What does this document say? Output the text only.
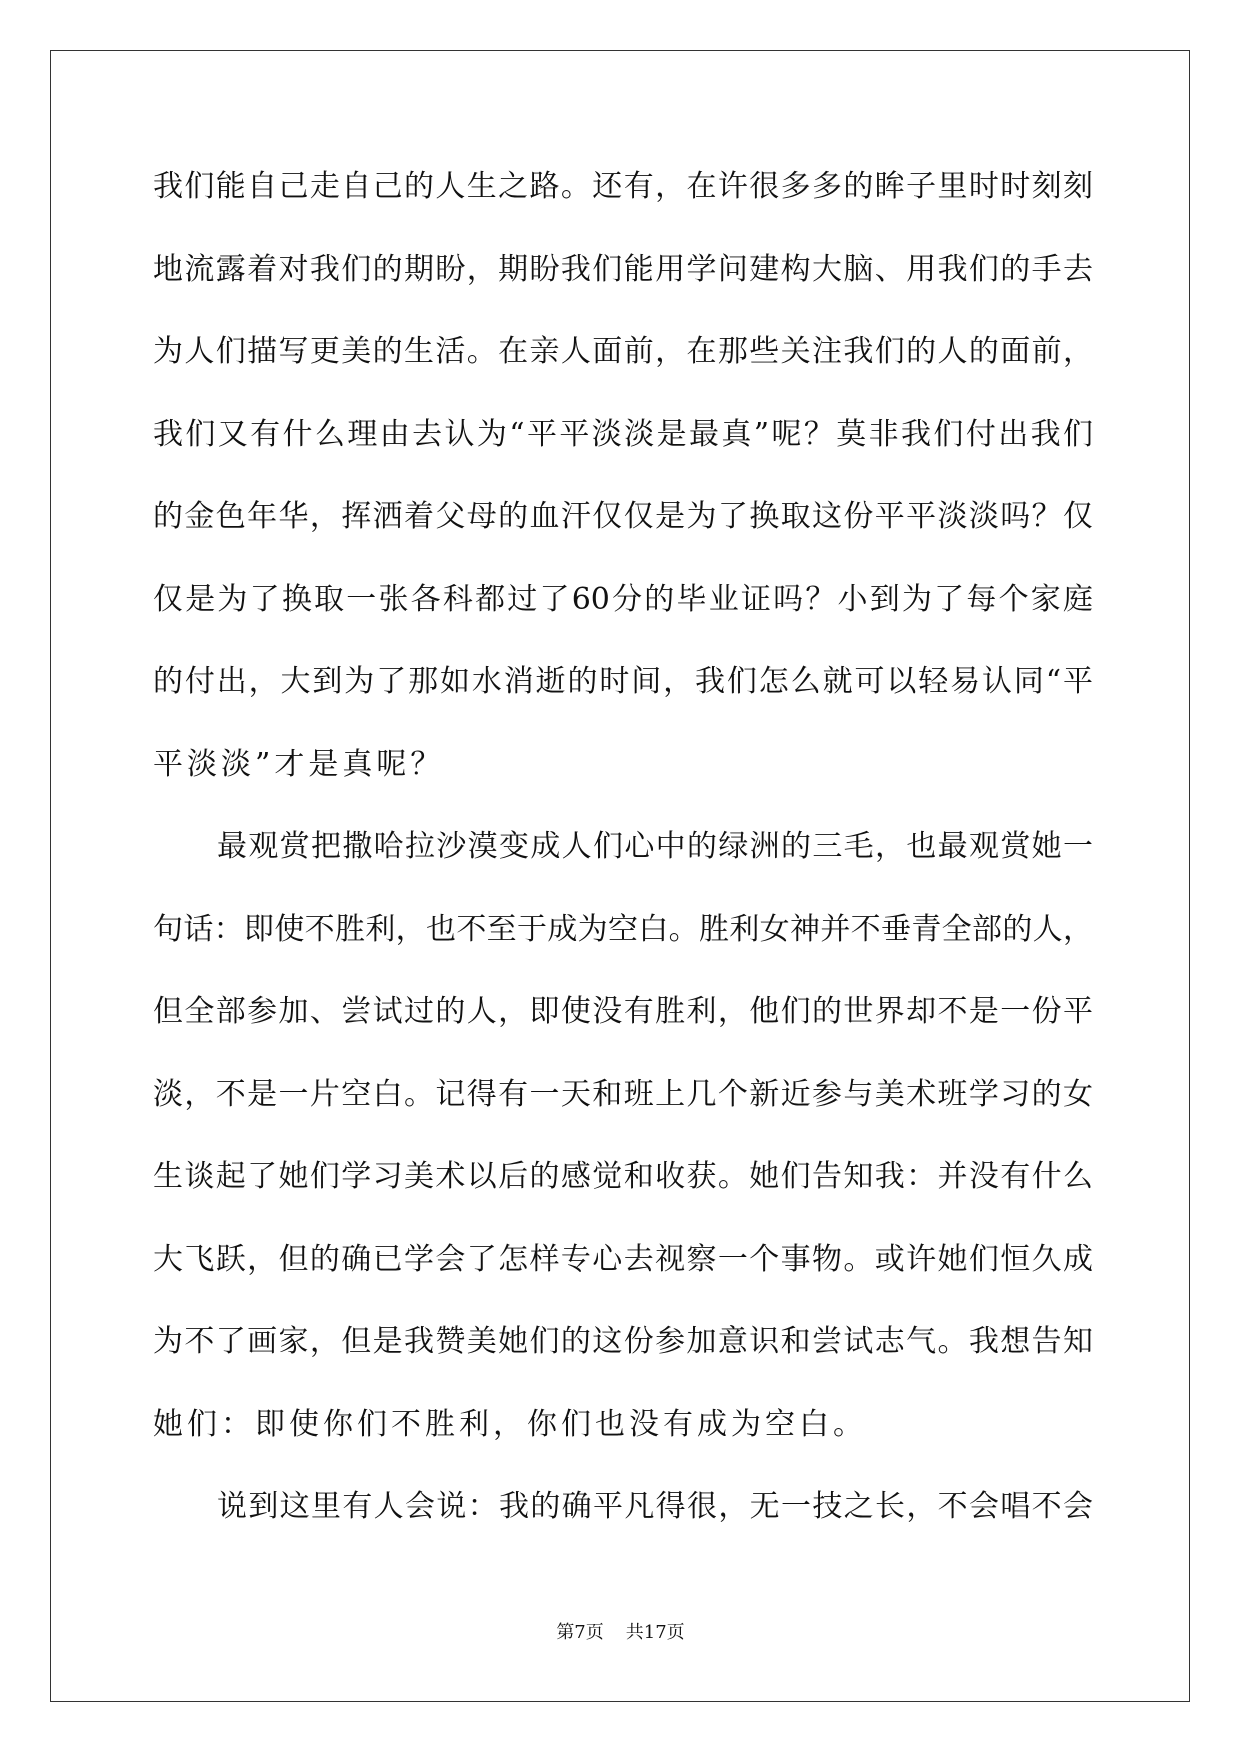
我们能自己走自己的人生之路。还有，在许很多多的眸子里时时刻刻
地流露着对我们的期盼，期盼我们能用学问建构大脑、用我们的手去
为人们描写更美的生活。在亲人面前，在那些关注我们的人的面前，
我们又有什么理由去认为“平平淡淡是最真”呢？莫非我们付出我们
的金色年华，挥洒着父母的血汗仅仅是为了换取这份平平淡淡吗？仅
仅是为了换取一张各科都过了60分的毕业证吗？小到为了每个家庭
的付出，大到为了那如水消逝的时间，我们怎么就可以轻易认同“平
平淡淡”才是真呢？
最观赏把撒哈拉沙漠变成人们心中的绿洲的三毛，也最观赏她一
句话：即使不胜利，也不至于成为空白。胜利女神并不垂青全部的人，
但全部参加、尝试过的人，即使没有胜利，他们的世界却不是一份平
淡，不是一片空白。记得有一天和班上几个新近参与美术班学习的女
生谈起了她们学习美术以后的感觉和收获。她们告知我：并没有什么
大飞跃，但的确已学会了怎样专心去视察一个事物。或许她们恒久成
为不了画家，但是我赞美她们的这份参加意识和尝试志气。我想告知
她们：即使你们不胜利，你们也没有成为空白。
说到这里有人会说：我的确平凡得很，无一技之长，不会唱不会
第7页 共17页
